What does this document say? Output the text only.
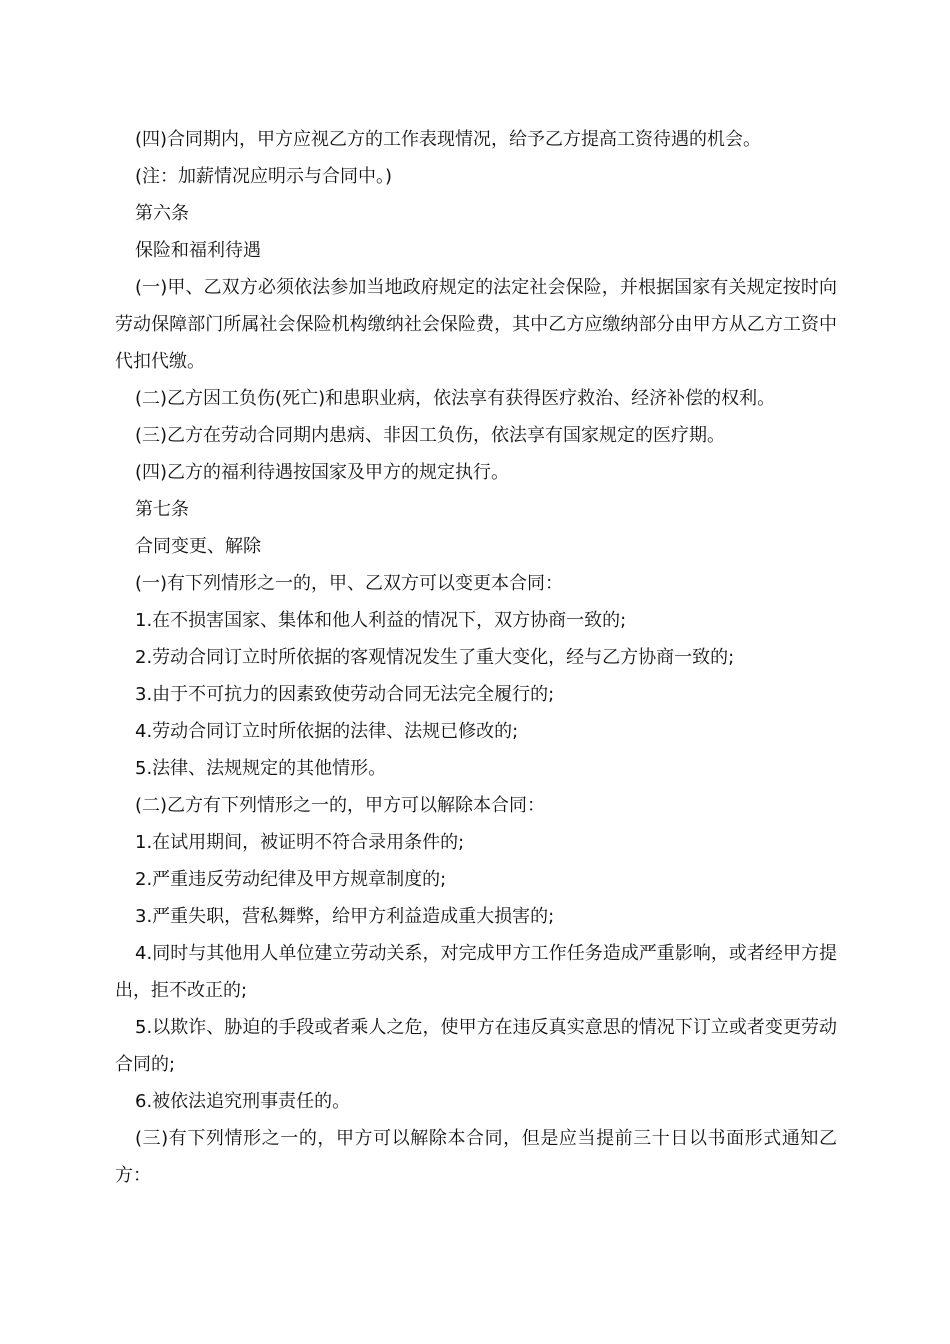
(四)合同期内，甲方应视乙方的工作表现情况，给予乙方提高工资待遇的机会。

(注：加薪情况应明示与合同中。)

第六条

保险和福利待遇

(一)甲、乙双方必须依法参加当地政府规定的法定社会保险，并根据国家有关规定按时向劳动保障部门所属社会保险机构缴纳社会保险费，其中乙方应缴纳部分由甲方从乙方工资中代扣代缴。

(二)乙方因工负伤(死亡)和患职业病，依法享有获得医疗救治、经济补偿的权利。

(三)乙方在劳动合同期内患病、非因工负伤，依法享有国家规定的医疗期。

(四)乙方的福利待遇按国家及甲方的规定执行。

第七条

合同变更、解除

(一)有下列情形之一的，甲、乙双方可以变更本合同：

1.在不损害国家、集体和他人利益的情况下，双方协商一致的;

2.劳动合同订立时所依据的客观情况发生了重大变化，经与乙方协商一致的;

3.由于不可抗力的因素致使劳动合同无法完全履行的;

4.劳动合同订立时所依据的法律、法规已修改的;

5.法律、法规规定的其他情形。

(二)乙方有下列情形之一的，甲方可以解除本合同：

1.在试用期间，被证明不符合录用条件的;

2.严重违反劳动纪律及甲方规章制度的;

3.严重失职，营私舞弊，给甲方利益造成重大损害的;

4.同时与其他用人单位建立劳动关系，对完成甲方工作任务造成严重影响，或者经甲方提出，拒不改正的;

5.以欺诈、胁迫的手段或者乘人之危，使甲方在违反真实意思的情况下订立或者变更劳动合同的;

6.被依法追究刑事责任的。

(三)有下列情形之一的，甲方可以解除本合同，但是应当提前三十日以书面形式通知乙方：
